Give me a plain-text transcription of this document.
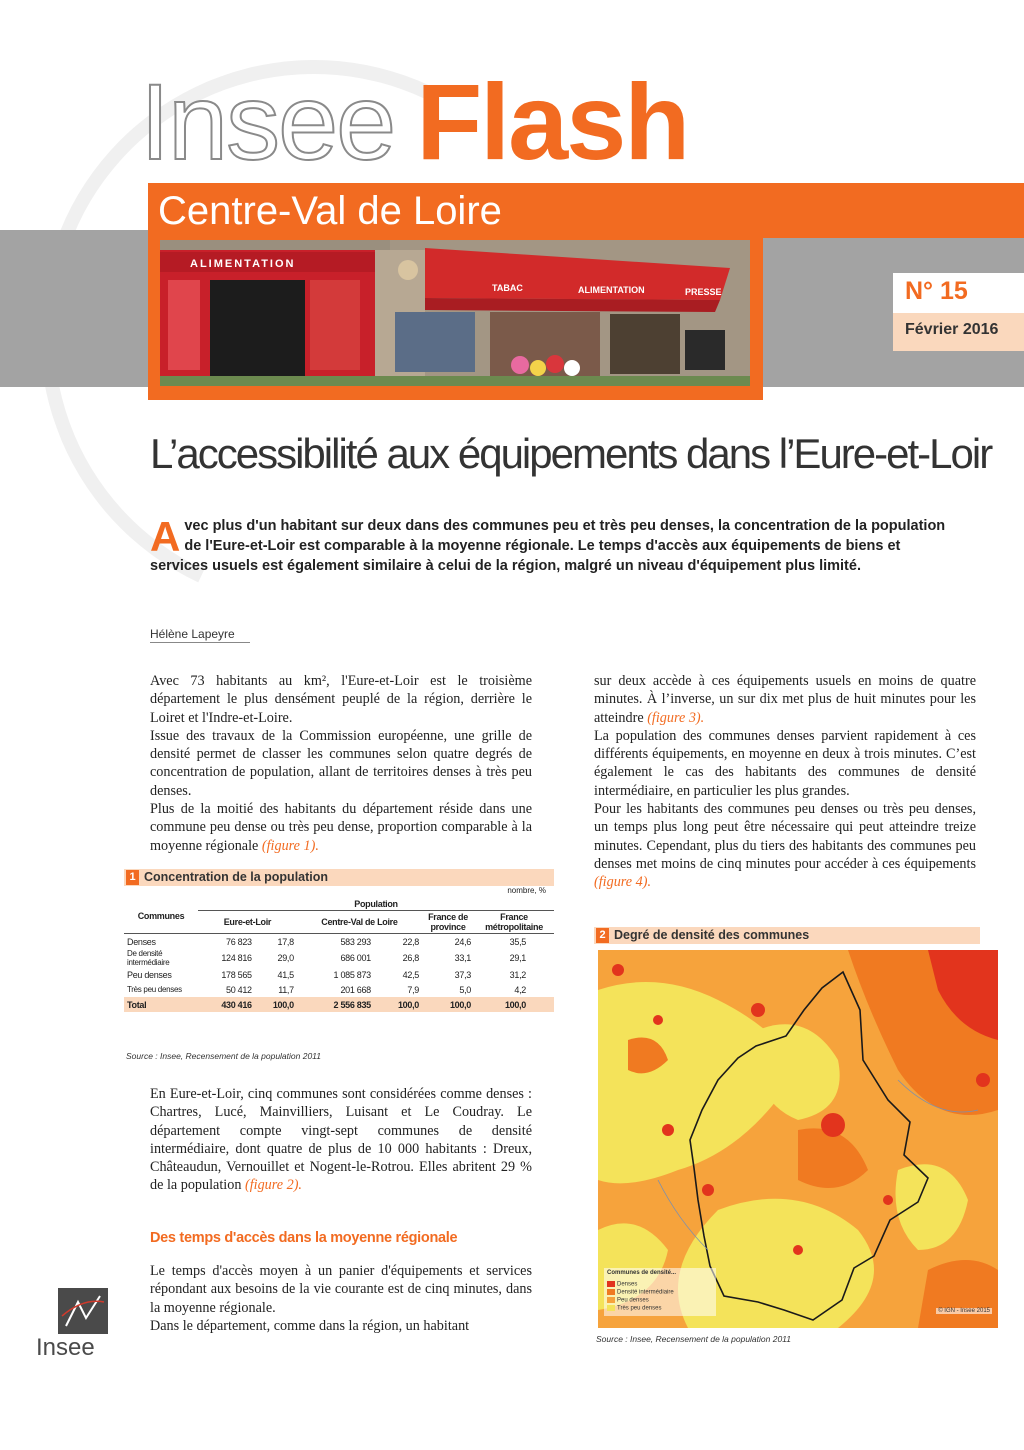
Insee Flash
Centre-Val de Loire
ALIMENTATION
TABAC	ALIMENTATION	PRESSE	N° 15
Février 2016
L’accessibilité aux équipements dans l’Eure-et-Loir
Avec plus d'un habitant sur deux dans des communes peu et très peu denses, la concentration de la population de l'Eure-et-Loir est comparable à la moyenne régionale. Le temps d'accès aux équipements de biens et services usuels est également similaire à celui de la région, malgré un niveau d'équipement plus limité.
Hélène Lapeyre

Avec 73 habitants au km², l'Eure-et-Loir est le troisième département le plus densément peuplé de la région, derrière le Loiret et l'Indre-et-Loire.

Issue des travaux de la Commission européenne, une grille de densité permet de classer les communes selon quatre degrés de concentration de population, allant de territoires denses à très peu denses.

Plus de la moitié des habitants du département réside dans une commune peu dense ou très peu dense, proportion comparable à la moyenne régionale (figure 1).

1 Concentration de la population
nombre, %
Communes	Population					
	Eure-et-Loir		Centre-Val de Loire		France de province	France métropolitaine
Denses	76 823	17,8	583 293	22,8	24,6	35,5
De densité intermédiaire	124 816	29,0	686 001	26,8	33,1	29,1
Peu denses	178 565	41,5	1 085 873	42,5	37,3	31,2
Très peu denses	50 412	11,7	201 668	7,9	5,0	4,2
Total	430 416	100,0	2 556 835	100,0	100,0	100,0
Source : Insee, Recensement de la population 2011

En Eure-et-Loir, cinq communes sont considérées comme denses : Chartres, Lucé, Mainvilliers, Luisant et Le Coudray. Le département compte vingt-sept communes de densité intermédiaire, dont quatre de plus de 10 000 habitants : Dreux, Châteaudun, Vernouillet et Nogent-le-Rotrou. Elles abritent 29 % de la population (figure 2).

Des temps d'accès dans la moyenne régionale

Le temps d'accès moyen à un panier d'équipements et services répondant aux besoins de la vie courante est de cinq minutes, dans la moyenne régionale.

Dans le département, comme dans la région, un habitant

sur deux accède à ces équipements usuels en moins de quatre minutes. À l’inverse, un sur dix met plus de huit minutes pour les atteindre (figure 3).

La population des communes denses parvient rapidement à ces différents équipements, en moyenne en deux à trois minutes. C’est également le cas des habitants des communes de densité intermédiaire, en particulier les plus grandes.

Pour les habitants des communes peu denses ou très peu denses, un temps plus long peut être nécessaire qui peut atteindre treize minutes. Cependant, plus du tiers des habitants des communes peu denses met moins de cinq minutes pour accéder à ces équipements (figure 4).

2 Degré de densité des communes
Communes de densité...
Denses
Densité intermédiaire
Peu denses
Très peu denses	© IGN - Insee 2015
Source : Insee, Recensement de la population 2011
Insee
